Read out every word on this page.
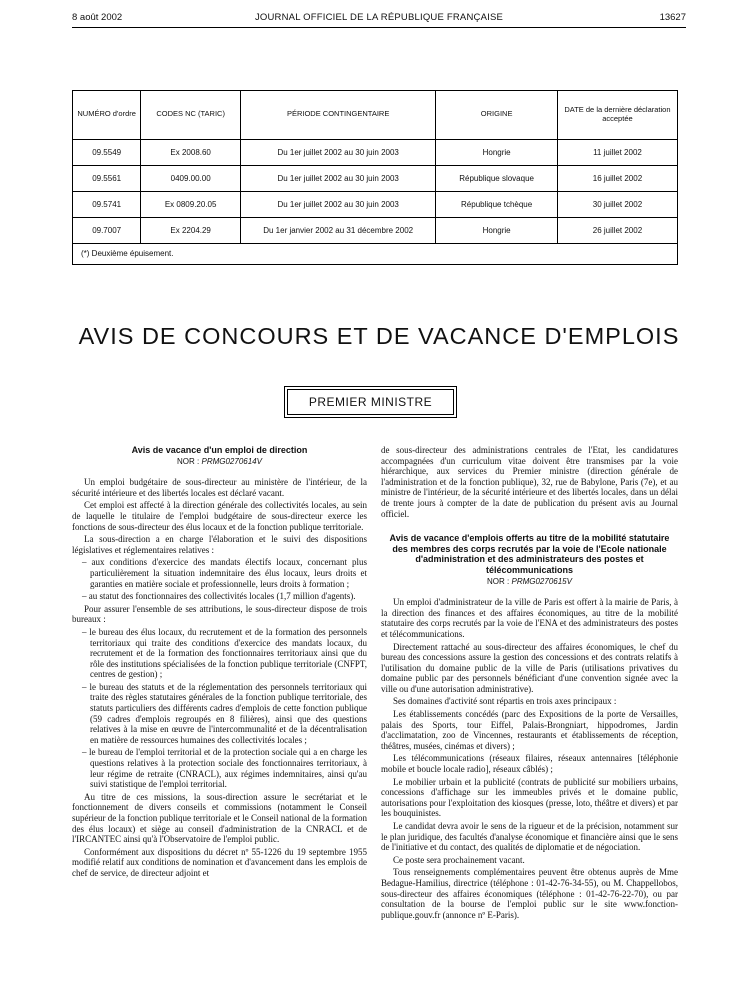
8 août 2002	JOURNAL OFFICIEL DE LA RÉPUBLIQUE FRANÇAISE	13627
NUMÉRO d'ordre	CODES NC (TARIC)	PÉRIODE CONTINGENTAIRE	ORIGINE	DATE de la dernière déclaration acceptée
09.5549	Ex 2008.60	Du 1er juillet 2002 au 30 juin 2003	Hongrie	11 juillet 2002
09.5561	0409.00.00	Du 1er juillet 2002 au 30 juin 2003	République slovaque	16 juillet 2002
09.5741	Ex 0809.20.05	Du 1er juillet 2002 au 30 juin 2003	République tchèque	30 juillet 2002
09.7007	Ex 2204.29	Du 1er janvier 2002 au 31 décembre 2002	Hongrie	26 juillet 2002
(*) Deuxième épuisement.
AVIS DE CONCOURS ET DE VACANCE D'EMPLOIS
PREMIER MINISTRE
Avis de vacance d'un emploi de direction
NOR : PRMG0270614V

Un emploi budgétaire de sous-directeur au ministère de l'intérieur, de la sécurité intérieure et des libertés locales est déclaré vacant.

Cet emploi est affecté à la direction générale des collectivités locales, au sein de laquelle le titulaire de l'emploi budgétaire de sous-directeur exerce les fonctions de sous-directeur des élus locaux et de la fonction publique territoriale.

La sous-direction a en charge l'élaboration et le suivi des dispositions législatives et réglementaires relatives :

– aux conditions d'exercice des mandats électifs locaux, concernant plus particulièrement la situation indemnitaire des élus locaux, leurs droits et garanties en matière sociale et professionnelle, leurs droits à formation ;

– au statut des fonctionnaires des collectivités locales (1,7 million d'agents).

Pour assurer l'ensemble de ses attributions, le sous-directeur dispose de trois bureaux :

– le bureau des élus locaux, du recrutement et de la formation des personnels territoriaux qui traite des conditions d'exercice des mandats locaux, du recrutement et de la formation des fonctionnaires territoriaux ainsi que du rôle des institutions spécialisées de la fonction publique territoriale (CNFPT, centres de gestion) ;

– le bureau des statuts et de la réglementation des personnels territoriaux qui traite des règles statutaires générales de la fonction publique territoriale, des statuts particuliers des différents cadres d'emplois de cette fonction publique (59 cadres d'emplois regroupés en 8 filières), ainsi que des questions relatives à la mise en œuvre de l'intercommunalité et de la décentralisation en matière de ressources humaines des collectivités locales ;

– le bureau de l'emploi territorial et de la protection sociale qui a en charge les questions relatives à la protection sociale des fonctionnaires territoriaux, à leur régime de retraite (CNRACL), aux régimes indemnitaires, ainsi qu'au suivi statistique de l'emploi territorial.

Au titre de ces missions, la sous-direction assure le secrétariat et le fonctionnement de divers conseils et commissions (notamment le Conseil supérieur de la fonction publique territoriale et le Conseil national de la formation des élus locaux) et siège au conseil d'administration de la CNRACL et de l'IRCANTEC ainsi qu'à l'Observatoire de l'emploi public.

Conformément aux dispositions du décret nº 55-1226 du 19 septembre 1955 modifié relatif aux conditions de nomination et d'avancement dans les emplois de chef de service, de directeur adjoint et

de sous-directeur des administrations centrales de l'Etat, les candidatures accompagnées d'un curriculum vitae doivent être transmises par la voie hiérarchique, aux services du Premier ministre (direction générale de l'administration et de la fonction publique), 32, rue de Babylone, Paris (7e), et au ministre de l'intérieur, de la sécurité intérieure et des libertés locales, dans un délai de trente jours à compter de la date de publication du présent avis au Journal officiel.

Avis de vacance d'emplois offerts au titre de la mobilité statutaire des membres des corps recrutés par la voie de l'Ecole nationale d'administration et des administrateurs des postes et télécommunications
NOR : PRMG0270615V

Un emploi d'administrateur de la ville de Paris est offert à la mairie de Paris, à la direction des finances et des affaires économiques, au titre de la mobilité statutaire des corps recrutés par la voie de l'ENA et des administrateurs des postes et télécommunications.

Directement rattaché au sous-directeur des affaires économiques, le chef du bureau des concessions assure la gestion des concessions et des contrats relatifs à l'utilisation du domaine public de la ville de Paris (utilisations privatives du domaine public par des personnels bénéficiant d'une convention signée avec la ville ou d'une autorisation administrative).

Ses domaines d'activité sont répartis en trois axes principaux :

Les établissements concédés (parc des Expositions de la porte de Versailles, palais des Sports, tour Eiffel, Palais-Brongniart, hippodromes, Jardin d'acclimatation, zoo de Vincennes, restaurants et établissements de réception, théâtres, musées, cinémas et divers) ;

Les télécommunications (réseaux filaires, réseaux antennaires [téléphonie mobile et boucle locale radio], réseaux câblés) ;

Le mobilier urbain et la publicité (contrats de publicité sur mobiliers urbains, concessions d'affichage sur les immeubles privés et le domaine public, autorisations pour l'exploitation des kiosques (presse, loto, théâtre et divers) et par les bouquinistes.

Le candidat devra avoir le sens de la rigueur et de la précision, notamment sur le plan juridique, des facultés d'analyse économique et financière ainsi que le sens de l'initiative et du contact, des qualités de diplomatie et de négociation.

Ce poste sera prochainement vacant.

Tous renseignements complémentaires peuvent être obtenus auprès de Mme Bedague-Hamilius, directrice (téléphone : 01-42-76-34-55), ou M. Chappellobos, sous-directeur des affaires économiques (téléphone : 01-42-76-22-70), ou par consultation de la bourse de l'emploi public sur le site www.fonction-publique.gouv.fr (annonce nº E-Paris).
